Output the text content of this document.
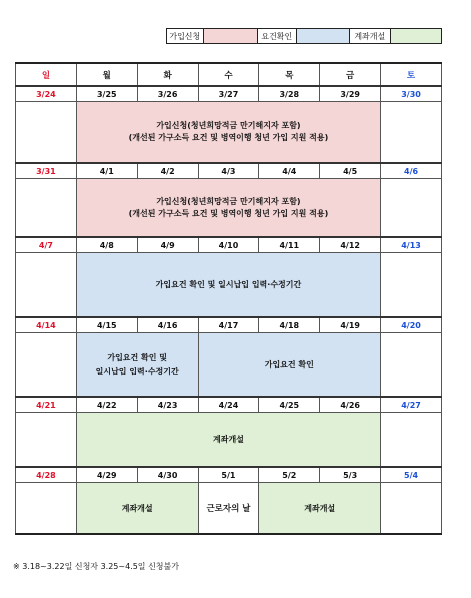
가입신청	요건확인	계좌개설
일	월	화	수	목	금	토
3/24	3/25	3/26	3/27	3/28	3/29	3/30

	가입신청(청년희망적금 만기해지자 포함)
(개선된 가구소득 요건 및 병역이행 청년 가입 지원 적용)					

3/31	4/1	4/2	4/3	4/4	4/5	4/6

	가입신청(청년희망적금 만기해지자 포함)
(개선된 가구소득 요건 및 병역이행 청년 가입 지원 적용)					

4/7	4/8	4/9	4/10	4/11	4/12	4/13
	가입요건 확인 및 일시납입 입력·수정기간					
4/14	4/15	4/16	4/17	4/18	4/19	4/20

	가입요건 확인 및
일시납입 입력·수정기간		가입요건 확인			
4/21	4/22	4/23	4/24	4/25	4/26	4/27
	계좌개설					
4/28	4/29	4/30	5/1	5/2	5/3	5/4
	계좌개설		근로자의 날	계좌개설		
※ 3.18~3.22일 신청자 3.25~4.5일 신청불가
